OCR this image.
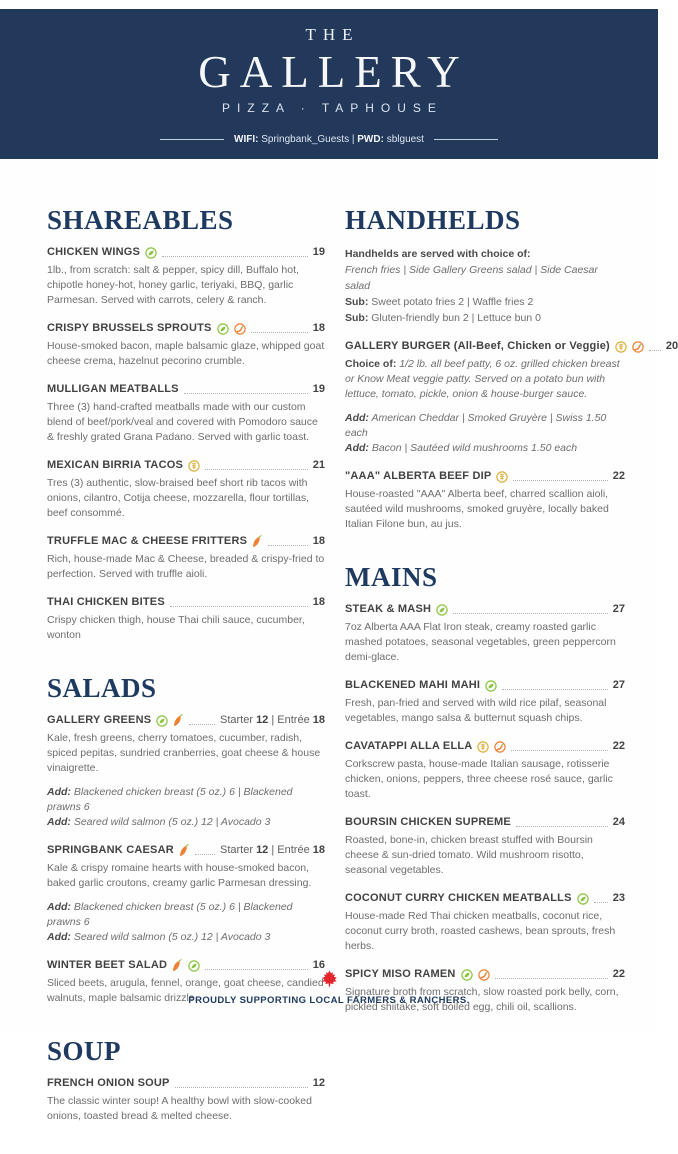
THE
GALLERY
PIZZA · TAPHOUSE
WIFI: Springbank_Guests | PWD: sblguest
SHAREABLES
CHICKEN WINGS	19

1lb., from scratch: salt & pepper, spicy dill, Buffalo hot, chipotle honey-hot, honey garlic, teriyaki, BBQ, garlic Parmesan. Served with carrots, celery & ranch.

CRISPY BRUSSELS SPROUTS	18

House-smoked bacon, maple balsamic glaze, whipped goat cheese crema, hazelnut pecorino crumble.

MULLIGAN MEATBALLS	19

Three (3) hand-crafted meatballs made with our custom blend of beef/pork/veal and covered with Pomodoro sauce & freshly grated Grana Padano. Served with garlic toast.

MEXICAN BIRRIA TACOS	21

Tres (3) authentic, slow-braised beef short rib tacos with onions, cilantro, Cotija cheese, mozzarella, flour tortillas, beef consommé.

TRUFFLE MAC & CHEESE FRITTERS	18

Rich, house-made Mac & Cheese, breaded & crispy-fried to perfection. Served with truffle aioli.

THAI CHICKEN BITES	18

Crispy chicken thigh, house Thai chili sauce, cucumber, wonton

SALADS
GALLERY GREENS	Starter 12 | Entrée 18

Kale, fresh greens, cherry tomatoes, cucumber, radish, spiced pepitas, sundried cranberries, goat cheese & house vinaigrette.

Add: Blackened chicken breast (5 oz.) 6 | Blackened prawns 6

Add: Seared wild salmon (5 oz.) 12 | Avocado 3

SPRINGBANK CAESAR	Starter 12 | Entrée 18

Kale & crispy romaine hearts with house-smoked bacon, baked garlic croutons, creamy garlic Parmesan dressing.

Add: Blackened chicken breast (5 oz.) 6 | Blackened prawns 6

Add: Seared wild salmon (5 oz.) 12 | Avocado 3

WINTER BEET SALAD	16

Sliced beets, arugula, fennel, orange, goat cheese, candied walnuts, maple balsamic drizzle.

SOUP
FRENCH ONION SOUP	12

The classic winter soup! A healthy bowl with slow-cooked onions, toasted bread & melted cheese.

HANDHELDS

Handhelds are served with choice of:

French fries | Side Gallery Greens salad | Side Caesar salad

Sub: Sweet potato fries 2 | Waffle fries 2

Sub: Gluten-friendly bun 2 | Lettuce bun 0

GALLERY BURGER (All-Beef, Chicken or Veggie)	20

Choice of: 1/2 lb. all beef patty, 6 oz. grilled chicken breast or Know Meat veggie patty. Served on a potato bun with lettuce, tomato, pickle, onion & house-burger sauce.

Add: American Cheddar | Smoked Gruyère | Swiss 1.50 each

Add: Bacon | Sautéed wild mushrooms 1.50 each

"AAA" ALBERTA BEEF DIP	22

House-roasted "AAA" Alberta beef, charred scallion aioli, sautéed wild mushrooms, smoked gruyère, locally baked Italian Filone bun, au jus.

MAINS
STEAK & MASH	27

7oz Alberta AAA Flat Iron steak, creamy roasted garlic mashed potatoes, seasonal vegetables, green peppercorn demi-glace.

BLACKENED MAHI MAHI	27

Fresh, pan-fried and served with wild rice pilaf, seasonal vegetables, mango salsa & butternut squash chips.

CAVATAPPI ALLA ELLA	22

Corkscrew pasta, house-made Italian sausage, rotisserie chicken, onions, peppers, three cheese rosé sauce, garlic toast.

BOURSIN CHICKEN SUPREME	24

Roasted, bone-in, chicken breast stuffed with Boursin cheese & sun-dried tomato. Wild mushroom risotto, seasonal vegetables.

COCONUT CURRY CHICKEN MEATBALLS	23

House-made Red Thai chicken meatballs, coconut rice, coconut curry broth, roasted cashews, bean sprouts, fresh herbs.

SPICY MISO RAMEN	22

Signature broth from scratch, slow roasted pork belly, corn, pickled shiitake, soft boiled egg, chili oil, scallions.

PROUDLY SUPPORTING LOCAL FARMERS & RANCHERS.
